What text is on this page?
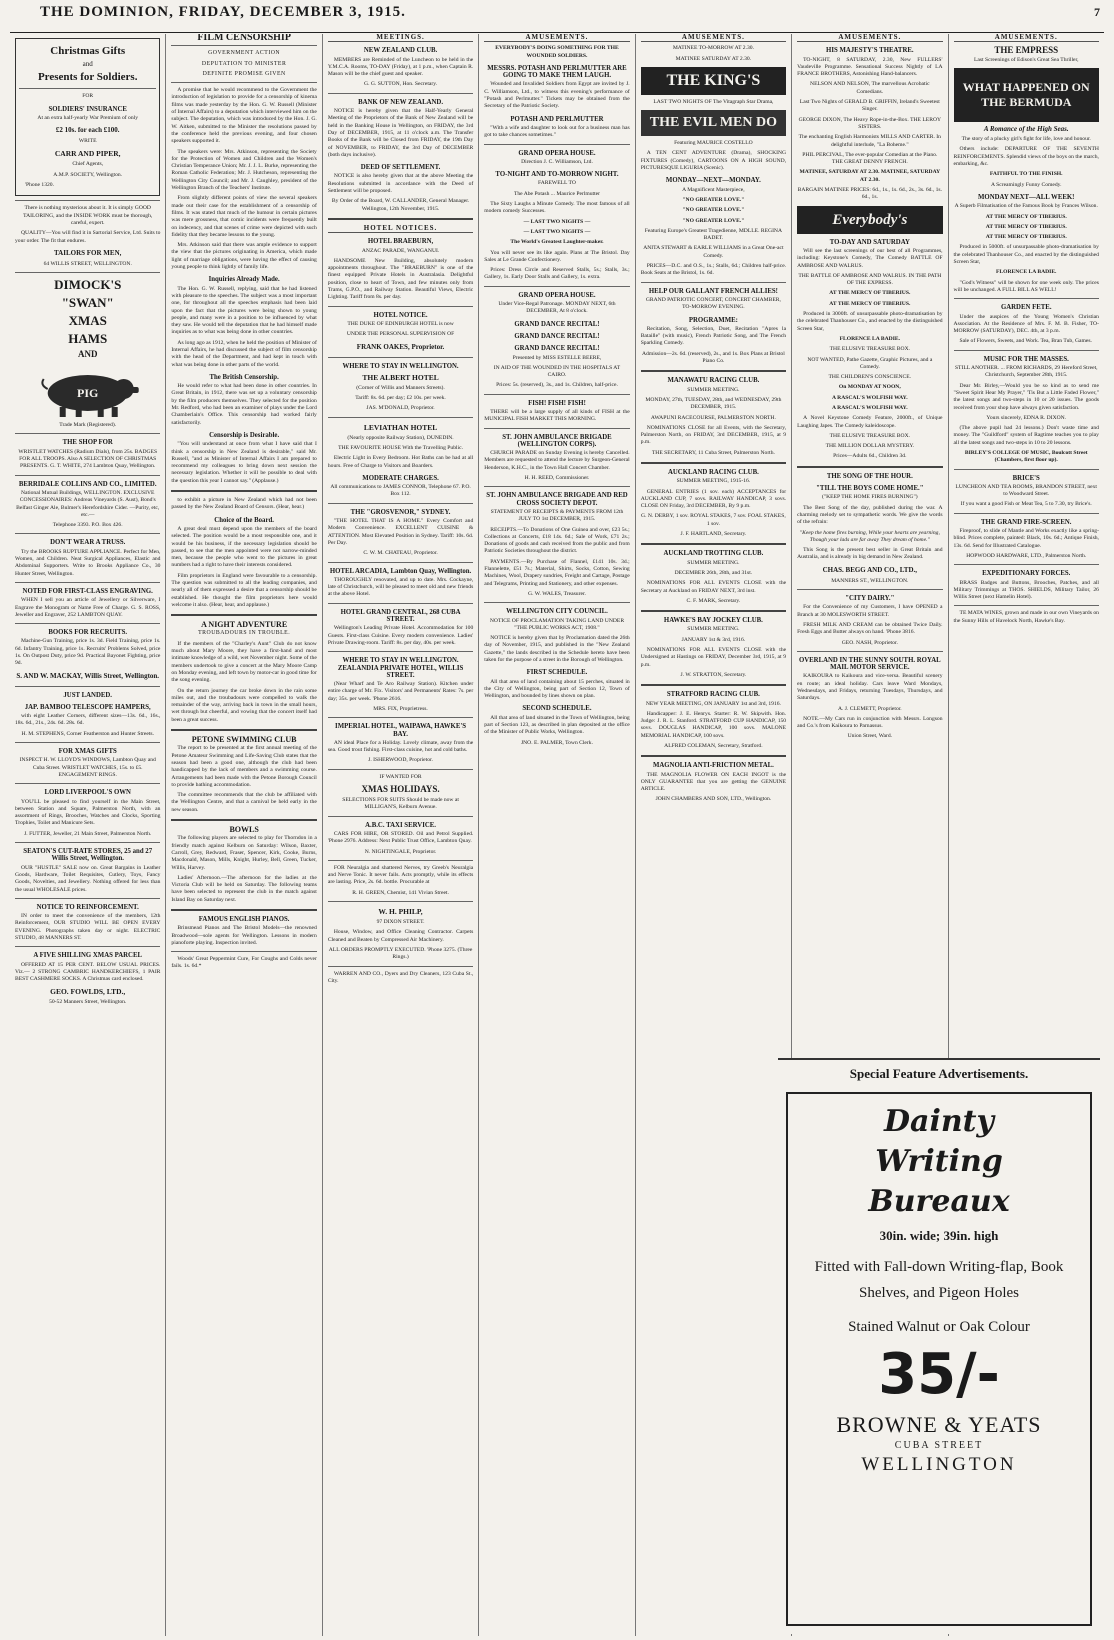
THE DOMINION, FRIDAY, DECEMBER 3, 1915.	7
Christmas Gifts
and
Presents for Soldiers.

FOR

SOLDIERS' INSURANCE

At an extra half-yearly War Premium of only

£2 10s. for each £100.

WRITE

CARR AND PIPER,

Chief Agents,

A.M.P. SOCIETY, Wellington.

'Phone 1320.

There is nothing mysterious about it. It is simply GOOD TAILORING, and the INSIDE WORK must be thorough, careful, expert.

QUALITY—You will find it in Sartorial Service, Ltd. Suits to your order. The fit that endures.

TAILORS FOR MEN,

64 WILLIS STREET, WELLINGTON.

DIMOCK'S
"SWAN"
XMAS
HAMS
AND
PIG

Trade Mark (Registered).

THE SHOP FOR

WRISTLET WATCHES (Radium Dials), from 25s. BADGES FOR ALL TROOPS. Also A SELECTION OF CHRISTMAS PRESENTS. G. T. WHITE, 274 Lambton Quay, Wellington.

BERRIDALE COLLINS AND CO., LIMITED.

National Mutual Buildings, WELLINGTON. EXCLUSIVE CONCESSIONAIRES: Andreas Vineyards (S. Aust), Bond's Belfast Ginger Ale, Bulmer's Herefordshire Cider. —Purity, etc, etc.—

Telephone 3393. P.O. Box 426.

DON'T WEAR A TRUSS.

Try the BROOKS RUPTURE APPLIANCE. Perfect for Men, Women, and Children. Neat Surgical Appliances, Elastic and Abdominal Supporters. Write to Brooks Appliance Co., 30 Hunter Street, Wellington.

NOTED FOR FIRST-CLASS ENGRAVING.

WHEN I sell you an article of Jewellery or Silverware, I Engrave the Monogram or Name Free of Charge. G. S. ROSS, Jeweller and Engraver, 252 LAMBTON QUAY.

BOOKS FOR RECRUITS.

Machine-Gun Training, price 1s. 3d. Field Training, price 1s. 6d. Infantry Training, price 1s. Recruits' Problems Solved, price 1s. On Outpost Duty, price 9d. Practical Bayonet Fighting, price 9d.

S. AND W. MACKAY, Willis Street, Wellington.
JUST LANDED.
JAP. BAMBOO TELESCOPE HAMPERS,

with eight Leather Corners, different sizes—13s. 6d., 16s., 18s. 6d., 21s., 24s. 6d. 28s. 6d.

H. M. STEPHENS, Corner Featherston and Hunter Streets.

FOR XMAS GIFTS

INSPECT H. W. LLOYD'S WINDOWS, Lambton Quay and Cuba Street. WRISTLET WATCHES, 15s. to £5. ENGAGEMENT RINGS.

LORD LIVERPOOL'S OWN

YOU'LL be pleased to find yourself in the Main Street, between Station and Square, Palmerston North, with an assortment of Rings, Brooches, Watches and Clocks, Sporting Trophies, Toilet and Manicure Sets.

J. FUTTER, Jeweller, 21 Main Street, Palmerston North.

SEATON'S CUT-RATE STORES, 25 and 27 Willis Street, Wellington.

OUR "HUSTLE" SALE now on. Great Bargains in Leather Goods, Hardware, Toilet Requisites, Cutlery, Toys, Fancy Goods, Novelties, and Jewellery. Nothing offered for less than the usual WHOLESALE prices.

NOTICE TO REINFORCEMENT.

IN order to meet the convenience of the members, 12th Reinforcement, OUR STUDIO WILL BE OPEN EVERY EVENING. Photographs taken day or night. ELECTRIC STUDIO, 48 MANNERS ST.

A FIVE SHILLING XMAS PARCEL

OFFERED AT 15 PER CENT. BELOW USUAL PRICES. Viz.— 2 STRONG CAMBRIC HANDKERCHIEFS, 1 PAIR BEST CASHMERE SOCKS. A Christmas card enclosed.

GEO. FOWLDS, LTD.,

50-52 Manners Street, Wellington.

FILM CENSORSHIP
GOVERNMENT ACTION
DEPUTATION TO MINISTER
DEFINITE PROMISE GIVEN

A promise that he would recommend to the Government the introduction of legislation to provide for a censorship of kinema films was made yesterday by the Hon. G. W. Russell (Minister of Internal Affairs) to a deputation which interviewed him on the subject. The deputation, which was introduced by the Hon. J. G. W. Aitken, submitted to the Minister the resolutions passed by the conference held the previous evening, and four chosen speakers supported it.

The speakers were: Mrs. Atkinson, representing the Society for the Protection of Women and Children and the Women's Christian Temperance Union; Mr. J. J. L. Burke, representing the Roman Catholic Federation; Mr. J. Hutcheson, representing the Wellington City Council; and Mr. J. Caughley, president of the Wellington Branch of the Teachers' Institute.

From slightly different points of view the several speakers made out their case for the establishment of a censorship of films. It was stated that much of the humour in certain pictures was mere grossness, that comic incidents were frequently built on indecency, and that scenes of crime were depicted with such fidelity that they became lessons to the young.

Mrs. Atkinson said that there was ample evidence to support the view that the pictures originating in America, which made light of marriage obligations, were having the effect of causing young people to think lightly of family life.

Inquiries Already Made.

The Hon. G. W. Russell, replying, said that he had listened with pleasure to the speeches. The subject was a most important one, for throughout all the speeches emphasis had been laid upon the fact that the pictures were being shown to young people, and many were in a position to be influenced by what they saw. He would tell the deputation that he had himself made inquiries as to what was being done in other countries.

As long ago as 1912, when he held the position of Minister of Internal Affairs, he had discussed the subject of film censorship with the head of the Department, and had kept in touch with what was being done in other parts of the world.

The British Censorship.

He would refer to what had been done in other countries. In Great Britain, in 1912, there was set up a voluntary censorship by the film producers themselves. They selected for the position Mr. Redford, who had been an examiner of plays under the Lord Chamberlain's Office. This censorship had worked fairly satisfactorily.

Censorship is Desirable.

"You will understand at once from what I have said that I think a censorship in New Zealand is desirable," said Mr. Russell, "and as Minister of Internal Affairs I am prepared to recommend my colleagues to bring down next session the necessary legislation. Whether it will be possible to deal with the question this year I cannot say." (Applause.)

to exhibit a picture in New Zealand which had not been passed by the New Zealand Board of Censors. (Hear, hear.)

Choice of the Board.

A great deal must depend upon the members of the board selected. The position would be a most responsible one, and it would be his business, if the necessary legislation should be passed, to see that the men appointed were not narrow-minded men, because the people who went to the pictures in great numbers had a right to have their interests considered.

Film proprietors in England were favourable to a censorship. The question was submitted to all the leading companies, and nearly all of them expressed a desire that a censorship should be established. He thought the film proprietors here would welcome it also. (Hear, hear, and applause.)

A NIGHT ADVENTURE
TROUBADOURS IN TROUBLE.

If the members of the "Charley's Aunt" Club do not know much about Mary Moore, they have a first-hand and most intimate knowledge of a wild, wet November night. Some of the members undertook to give a concert at the Mary Moore Camp on Monday evening, and left town by motor-car in good time for the song evening.

On the return journey the car broke down in the rain some miles out, and the troubadours were compelled to walk the remainder of the way, arriving back in town in the small hours, wet through but cheerful, and vowing that the concert itself had been a great success.

PETONE SWIMMING CLUB

The report to be presented at the first annual meeting of the Petone Amateur Swimming and Life-Saving Club states that the season had been a good one, although the club had been handicapped by the lack of members and a swimming course. Arrangements had been made with the Petone Borough Council to provide bathing accommodation.

The committee recommends that the club be affiliated with the Wellington Centre, and that a carnival be held early in the new season.

BOWLS

The following players are selected to play for Thorndon in a friendly match against Kelburn on Saturday: Wilson, Baxter, Carroll, Grey, Redward, Fraser, Spencer, Kirk, Cooke, Burns, Macdonald, Mason, Mills, Knight, Hurley, Bell, Green, Tucker, Willis, Harvey.

Ladies' Afternoon.—The afternoon for the ladies at the Victoria Club will be held on Saturday. The following teams have been selected to represent the club in the match against Island Bay on Saturday next.

FAMOUS ENGLISH PIANOS.

Brinsmead Pianos and The Bristol Models—the renowned Broadwood—sole agents for Wellington. Lessons in modern pianoforte playing. Inspection invited.

Woods' Great Peppermint Cure, For Coughs and Colds never fails. 1s. 6d.*

MEETINGS.
NEW ZEALAND CLUB.

MEMBERS are Reminded of the Luncheon to be held in the Y.M.C.A. Rooms, TO-DAY (Friday), at 1 p.m., when Captain R. Mason will be the chief guest and speaker.

G. G. SUTTON, Hon. Secretary.

BANK OF NEW ZEALAND.

NOTICE is hereby given that the Half-Yearly General Meeting of the Proprietors of the Bank of New Zealand will be held in the Banking House in Wellington, on FRIDAY, the 3rd Day of DECEMBER, 1915, at 11 o'clock a.m. The Transfer Books of the Bank will be Closed from FRIDAY, the 19th Day of NOVEMBER, to FRIDAY, the 3rd Day of DECEMBER (both days inclusive).

DEED OF SETTLEMENT.

NOTICE is also hereby given that at the above Meeting the Resolutions submitted in accordance with the Deed of Settlement will be proposed.

By Order of the Board, W. CALLANDER, General Manager. Wellington, 12th November, 1915.

HOTEL NOTICES.
HOTEL BRAEBURN,

ANZAC PARADE, WANGANUI.

HANDSOME New Building, absolutely modern appointments throughout. The "BRAEBURN" is one of the finest equipped Private Hotels in Australasia. Delightful position, close to heart of Town, and few minutes only from Trams, G.P.O., and Railway Station. Beautiful Views, Electric Lighting. Tariff from 8s. per day.

HOTEL NOTICE.

THE DUKE OF EDINBURGH HOTEL is now

UNDER THE PERSONAL SUPERVISION OF

FRANK OAKES, Proprietor.
WHERE TO STAY IN WELLINGTON.
THE ALBERT HOTEL

(Corner of Willis and Manners Streets).

Tariff: 8s. 6d. per day; £2 10s. per week.

JAS. M'DONALD, Proprietor.

LEVIATHAN HOTEL

(Nearly opposite Railway Station), DUNEDIN.

THE FAVOURITE HOUSE With the Travelling Public.

Electric Light in Every Bedroom. Hot Baths can be had at all hours. Free of Charge to Visitors and Boarders.

MODERATE CHARGES.

All communications to JAMES CONNOR, Telephone 67. P.O. Box 112.

THE "GROSVENOR," SYDNEY.

"THE HOTEL THAT IS A HOME." Every Comfort and Modern Convenience. EXCELLENT CUISINE & ATTENTION. Most Elevated Position in Sydney. Tariff: 10s. 6d. Per Day.

C. W. M. CHATEAU, Proprietor.

HOTEL ARCADIA, Lambton Quay, Wellington.

THOROUGHLY renovated, and up to date. Mrs. Cockayne, late of Christchurch, will be pleased to meet old and new friends at the above Hotel.

HOTEL GRAND CENTRAL, 268 CUBA STREET.

Wellington's Leading Private Hotel. Accommodation for 100 Guests. First-class Cuisine. Every modern convenience. Ladies' Private Drawing-room. Tariff: 8s. per day, 40s. per week.

WHERE TO STAY IN WELLINGTON. ZEALANDIA PRIVATE HOTEL, WILLIS STREET.

(Near Wharf and Te Aro Railway Station). Kitchen under entire charge of Mr. Fix. Visitors' and Permanents' Rates: 7s. per day; 35s. per week. 'Phone 2616.

MRS. FIX, Proprietress.

IMPERIAL HOTEL, WAIPAWA, HAWKE'S BAY.

AN ideal Place for a Holiday. Lovely climate, away from the sea. Good trout fishing. First-class cuisine, hot and cold baths.

J. ISHERWOOD, Proprietor.

IF WANTED FOR

XMAS HOLIDAYS.

SELECTIONS FOR SUITS Should be made now at MILLIGAN'S, Kelburn Avenue.

A.B.C. TAXI SERVICE.

CARS FOR HIRE, OR STORED. Oil and Petrol Supplied. 'Phone 2976. Address: Next Public Trust Office, Lambton Quay.

N. NIGHTINGALE, Proprietor.

FOR Neuralgia and shattered Nerves, try Greeb's Neuralgia and Nerve Tonic. It never fails. Acts promptly, while its effects are lasting. Price, 2s. 6d. bottle. Procurable at

R. H. GREEN, Chemist, 141 Vivian Street.

W. H. PHILP,

97 DIXON STREET.

House, Window, and Office Cleaning Contractor. Carpets Cleaned and Beaten by Compressed Air Machinery.

ALL ORDERS PROMPTLY EXECUTED. 'Phone 3275. (Three Rings.)

WARREN AND CO., Dyers and Dry Cleaners, 123 Cuba St., City.

AMUSEMENTS.

EVERYBODY'S DOING SOMETHING FOR THE WOUNDED SOLDIERS.

MESSRS. POTASH AND PERLMUTTER ARE GOING TO MAKE THEM LAUGH.

Wounded and Invalided Soldiers from Egypt are invited by J. C. Williamson, Ltd., to witness this evening's performance of "Potash and Perlmutter." Tickets may be obtained from the Secretary of the Patriotic Society.

POTASH AND PERLMUTTER

"With a wife and daughter to look out for a business man has got to take chances sometimes."

GRAND OPERA HOUSE.

Direction J. C. Williamson, Ltd.

TO-NIGHT AND TO-MORROW NIGHT.

FAREWELL TO

The Abe Potash ... Maurice Perlmutter

The Sixty Laughs a Minute Comedy. The most famous of all modern comedy Successes.

— LAST TWO NIGHTS —

— LAST TWO NIGHTS —

The World's Greatest Laughter-maker.

You will never see its like again. Plans at The Bristol. Day Sales at Le Grande Confectionery.

Prices: Dress Circle and Reserved Stalls, 5s.; Stalls, 3s.; Gallery, 1s. Early Door Stalls and Gallery, 1s. extra.

GRAND OPERA HOUSE.

Under Vice-Regal Patronage. MONDAY NEXT, 6th DECEMBER, At 8 o'clock.

GRAND DANCE RECITAL!
GRAND DANCE RECITAL!
GRAND DANCE RECITAL!

Presented by MISS ESTELLE BEERE,

IN AID OF THE WOUNDED IN THE HOSPITALS AT CAIRO.

Prices: 5s. (reserved), 3s., and 1s. Children, half-price.

FISH! FISH! FISH!

THERE will be a large supply of all kinds of FISH at the MUNICIPAL FISH MARKET THIS MORNING.

ST. JOHN AMBULANCE BRIGADE (WELLINGTON CORPS).

CHURCH PARADE on Sunday Evening is hereby Cancelled. Members are requested to attend the lecture by Surgeon-General Henderson, K.H.C., in the Town Hall Concert Chamber.

H. H. REED, Commissioner.

ST. JOHN AMBULANCE BRIGADE AND RED CROSS SOCIETY DEPOT.

STATEMENT OF RECEIPTS & PAYMENTS FROM 12th JULY TO 1st DECEMBER, 1915.

RECEIPTS.—To Donations of One Guinea and over, £23 5s.; Collections at Concerts, £18 14s. 6d.; Sale of Work, £71 2s.; Donations of goods and cash received from the public and from Patriotic Societies throughout the district.

PAYMENTS.—By Purchase of Flannel, £141 10s. 3d.; Flannelette, £51 7s.; Material, Shirts, Socks, Cotton, Sewing Machines, Wool, Drapery sundries, Freight and Cartage, Postage and Telegrams, Printing and Stationery, and other expenses.

G. W. WALES, Treasurer.

WELLINGTON CITY COUNCIL.

NOTICE OF PROCLAMATION TAKING LAND UNDER "THE PUBLIC WORKS ACT, 1908."

NOTICE is hereby given that by Proclamation dated the 26th day of November, 1915, and published in the "New Zealand Gazette," the lands described in the Schedule hereto have been taken for the purpose of a street in the Borough of Wellington.

FIRST SCHEDULE.

All that area of land containing about 15 perches, situated in the City of Wellington, being part of Section 12, Town of Wellington, and bounded by lines shown on plan.

SECOND SCHEDULE.

All that area of land situated in the Town of Wellington, being part of Section 123, as described in plan deposited at the office of the Minister of Public Works, Wellington.

JNO. E. PALMER, Town Clerk.

AMUSEMENTS.

MATINEE TO-MORROW AT 2.30.

MATINEE SATURDAY AT 2.30.

THE KING'S

LAST TWO NIGHTS OF The Vitagraph Star Drama,

THE EVIL MEN DO

Featuring MAURICE COSTELLO

A TEN CENT ADVENTURE (Drama), SHOCKING FIXTURES (Comedy), CARTOONS ON A HIGH SOUND, PICTURESQUE LIGURIA (Scenic).

MONDAY—NEXT—MONDAY.

A Magnificent Masterpiece,

"NO GREATER LOVE."

"NO GREATER LOVE."

"NO GREATER LOVE."

Featuring Europe's Greatest Tragedienne, MDLLE. REGINA BADET.

ANITA STEWART & EARLE WILLIAMS in a Great One-act Comedy.

PRICES—D.C. and O.S., 1s.; Stalls, 6d.; Children half-price. Book Seats at the Bristol, 1s. 6d.

HELP OUR GALLANT FRENCH ALLIES!

GRAND PATRIOTIC CONCERT, CONCERT CHAMBER, TO-MORROW EVENING.

PROGRAMME:

Recitation, Song, Selection, Duet, Recitation "Apres la Bataille" (with music), French Patriotic Song, and The French Sparkling Comedy.

Admission—2s. 6d. (reserved), 2s., and 1s. Box Plans at Bristol Piano Co.

MANAWATU RACING CLUB.

SUMMER MEETING.

MONDAY, 27th, TUESDAY, 28th, and WEDNESDAY, 29th DECEMBER, 1915.

AWAPUNI RACECOURSE, PALMERSTON NORTH.

NOMINATIONS CLOSE for all Events, with the Secretary, Palmerston North, on FRIDAY, 3rd DECEMBER, 1915, at 9 p.m.

THE SECRETARY, 11 Cuba Street, Palmerston North.

AUCKLAND RACING CLUB.

SUMMER MEETING, 1915-16.

GENERAL ENTRIES (1 sov. each) ACCEPTANCES for AUCKLAND CUP, 7 sovs. RAILWAY HANDICAP, 3 sovs. CLOSE ON Friday, 3rd DECEMBER, By 9 p.m.

G. N. DERBY, 1 sov. ROYAL STAKES, 7 sov. FOAL STAKES, 1 sov.

J. F. HARTLAND, Secretary.

AUCKLAND TROTTING CLUB.

SUMMER MEETING.

DECEMBER 26th, 28th, and 31st.

NOMINATIONS FOR ALL EVENTS CLOSE with the Secretary at Auckland on FRIDAY NEXT, 3rd inst.

C. F. MARK, Secretary.

HAWKE'S BAY JOCKEY CLUB.

SUMMER MEETING.

JANUARY 1st & 3rd, 1916.

NOMINATIONS FOR ALL EVENTS CLOSE with the Undersigned at Hastings on FRIDAY, December 3rd, 1915, at 9 p.m.

J. W. STRATTON, Secretary.

STRATFORD RACING CLUB.

NEW YEAR MEETING, ON JANUARY 1st and 3rd, 1916.

Handicapper: J. E. Henrys. Starter: R. W. Skipwith. Hon. Judge: J. R. L. Stanford. STRATFORD CUP HANDICAP, 150 sovs. DOUGLAS HANDICAP, 100 sovs. MALONE MEMORIAL HANDICAP, 100 sovs.

ALFRED COLEMAN, Secretary, Stratford.

MAGNOLIA ANTI-FRICTION METAL.

THE MAGNOLIA FLOWER ON EACH INGOT is the ONLY GUARANTEE that you are getting the GENUINE ARTICLE.

JOHN CHAMBERS AND SON, LTD., Wellington.

AMUSEMENTS.
HIS MAJESTY'S THEATRE.

TO-NIGHT, 8 SATURDAY, 2.30, New FULLERS' Vaudeville Programme. Sensational Success Nightly of LA FRANCE BROTHERS, Astonishing Hand-balancers.

NELSON AND NELSON, The marvellous Acrobatic Comedians.

Last Two Nights of GERALD B. GRIFFIN, Ireland's Sweetest Singer.

GEORGE DIXON, The Heavy Rope-in-the-Box. THE LEROY SISTERS.

The enchanting English Harmonists MILLS AND CARTER. In delightful interlude, "La Boheme."

PHIL PERCIVAL, The ever-popular Comedian at the Piano. THE GREAT DENNY FRENCH.

MATINEE, SATURDAY AT 2.30. MATINEE, SATURDAY AT 2.30.

BARGAIN MATINEE PRICES: 6d., 1s., 1s. 6d., 2s., 3s. 6d., 1s. 6d., 1s.

Everybody's
TO-DAY AND SATURDAY

Will see the last screenings of our best of all Programmes, including: Keystone's Comedy, The Comedy BATTLE OF AMBROSE AND WALRUS.

THE BATTLE OF AMBROSE AND WALRUS. IN THE PATH OF THE EXPRESS.

AT THE MERCY OF TIBERIUS.

AT THE MERCY OF TIBERIUS.

Produced in 3000ft. of unsurpassable photo-dramatisation by the celebrated Thanhouser Co., and enacted by the distinguished Screen Star,

FLORENCE LA BADIE.

THE ELUSIVE TREASURE BOX.

NOT WANTED, Pathe Gazette, Graphic Pictures, and a Comedy.

THE CHILDREN'S CONSCIENCE.

On MONDAY AT NOON,

A RASCAL'S WOLFISH WAY.

A RASCAL'S WOLFISH WAY.

A Novel Keystone Comedy Feature, 2000ft., of Unique Laughing Japes. The Comedy kaleidoscope.

THE ELUSIVE TREASURE BOX.

THE MILLION DOLLAR MYSTERY.

Prices—Adults 6d., Children 3d.

THE SONG OF THE HOUR.
"TILL THE BOYS COME HOME."

("KEEP THE HOME FIRES BURNING")

The Best Song of the day, published during the war. A charming melody set to sympathetic words. We give the words of the refrain:

"Keep the home fires burning, While your hearts are yearning, Though your lads are far away They dream of home."

This Song is the present best seller in Great Britain and Australia, and is already in big demand in New Zealand.

CHAS. BEGG AND CO., LTD.,

MANNERS ST., WELLINGTON.

"CITY DAIRY."

For the Convenience of my Customers, I have OPENED a Branch at 30 MOLESWORTH STREET.

FRESH MILK AND CREAM can be obtained Twice Daily. Fresh Eggs and Butter always on hand. 'Phone 3816.

GEO. NASH, Proprietor.

OVERLAND IN THE SUNNY SOUTH. ROYAL MAIL MOTOR SERVICE.

KAIKOURA to Kaikoura and vice-versa. Beautiful scenery en route; an ideal holiday. Cars leave Ward Mondays, Wednesdays, and Fridays, returning Tuesdays, Thursdays, and Saturdays.

A. J. CLEMETT, Proprietor.

NOTE.—My Cars run in conjunction with Messrs. Longson and Co.'s from Kaikoura to Parnassus.

Union Street, Ward.

AMUSEMENTS.
THE EMPRESS

Last Screenings of Edison's Great Sea Thriller,

WHAT HAPPENED ON THE BERMUDA

A Romance of the High Seas.

The story of a plucky girl's fight for life, love and honour.

Others include: DEPARTURE OF THE SEVENTH REINFORCEMENTS. Splendid views of the boys on the march, embarking, &c.

FAITHFUL TO THE FINISH.

A Screamingly Funny Comedy.

MONDAY NEXT—ALL WEEK!

A Superb Filmatisation of the Famous Book by Frances Wilson.

AT THE MERCY OF TIBERIUS.

AT THE MERCY OF TIBERIUS.

AT THE MERCY OF TIBERIUS.

Produced in 5000ft. of unsurpassable photo-dramatisation by the celebrated Thanhouser Co., and enacted by the distinguished Screen Star,

FLORENCE LA BADIE.

"God's Witness" will be shown for one week only. The prices will be unchanged. A FULL BILL AS WELL!

GARDEN FETE.

Under the auspices of the Young Women's Christian Association. At the Residence of Mrs. F. M. B. Fisher, TO-MORROW (SATURDAY), DEC. 4th, at 3 p.m.

Sale of Flowers, Sweets, and Work. Tea, Bran Tub, Games.

MUSIC FOR THE MASSES.

STILL ANOTHER. ... FROM RICHARDS, 29 Hereford Street, Christchurch, September 28th, 1915.

Dear Mr. Birley,—Would you be so kind as to send me "Sweet Spirit Hear My Prayer," 'Tis But a Little Faded Flower," the latest songs and two-steps in 10 or 20 issues. The goods received from your shop have always given satisfaction.

Yours sincerely, EDNA R. DIXON.

(The above pupil had 24 lessons.) Don't waste time and money. The "Guildford" system of Ragtime teaches you to play all the latest songs and two-steps in 10 to 20 lessons.

BIRLEY'S COLLEGE OF MUSIC, Boulcott Street (Chambers, first floor up).

BRICE'S

LUNCHEON AND TEA ROOMS, BRANDON STREET, next to Woodward Street.

If you want a good Fish or Meat Tea, 5 to 7.30, try Brice's.

THE GRAND FIRE-SCREEN.

Fireproof, to slide of Mantle and Works exactly like a spring-blind. Prices complete, painted: Black, 10s. 6d.; Antique Finish, 13s. 6d. Send for Illustrated Catalogue.

HOPWOOD HARDWARE, LTD., Palmerston North.

EXPEDITIONARY FORCES.

BRASS Badges and Buttons, Brooches, Patches, and all Military Trimmings at THOS. SHIELDS, Military Tailor, 26 Willis Street (next Hamelin Hotel).

TE MATA WINES, grown and made in our own Vineyards on the Sunny Hills of Havelock North, Hawke's Bay.

Special Feature Advertisements.
Dainty
Writing
Bureaux
30in. wide; 39in. high
Fitted with Fall-down Writing-flap, Book Shelves, and Pigeon Holes
Stained Walnut or Oak Colour
35/-
BROWNE & YEATS
CUBA STREET
WELLINGTON
